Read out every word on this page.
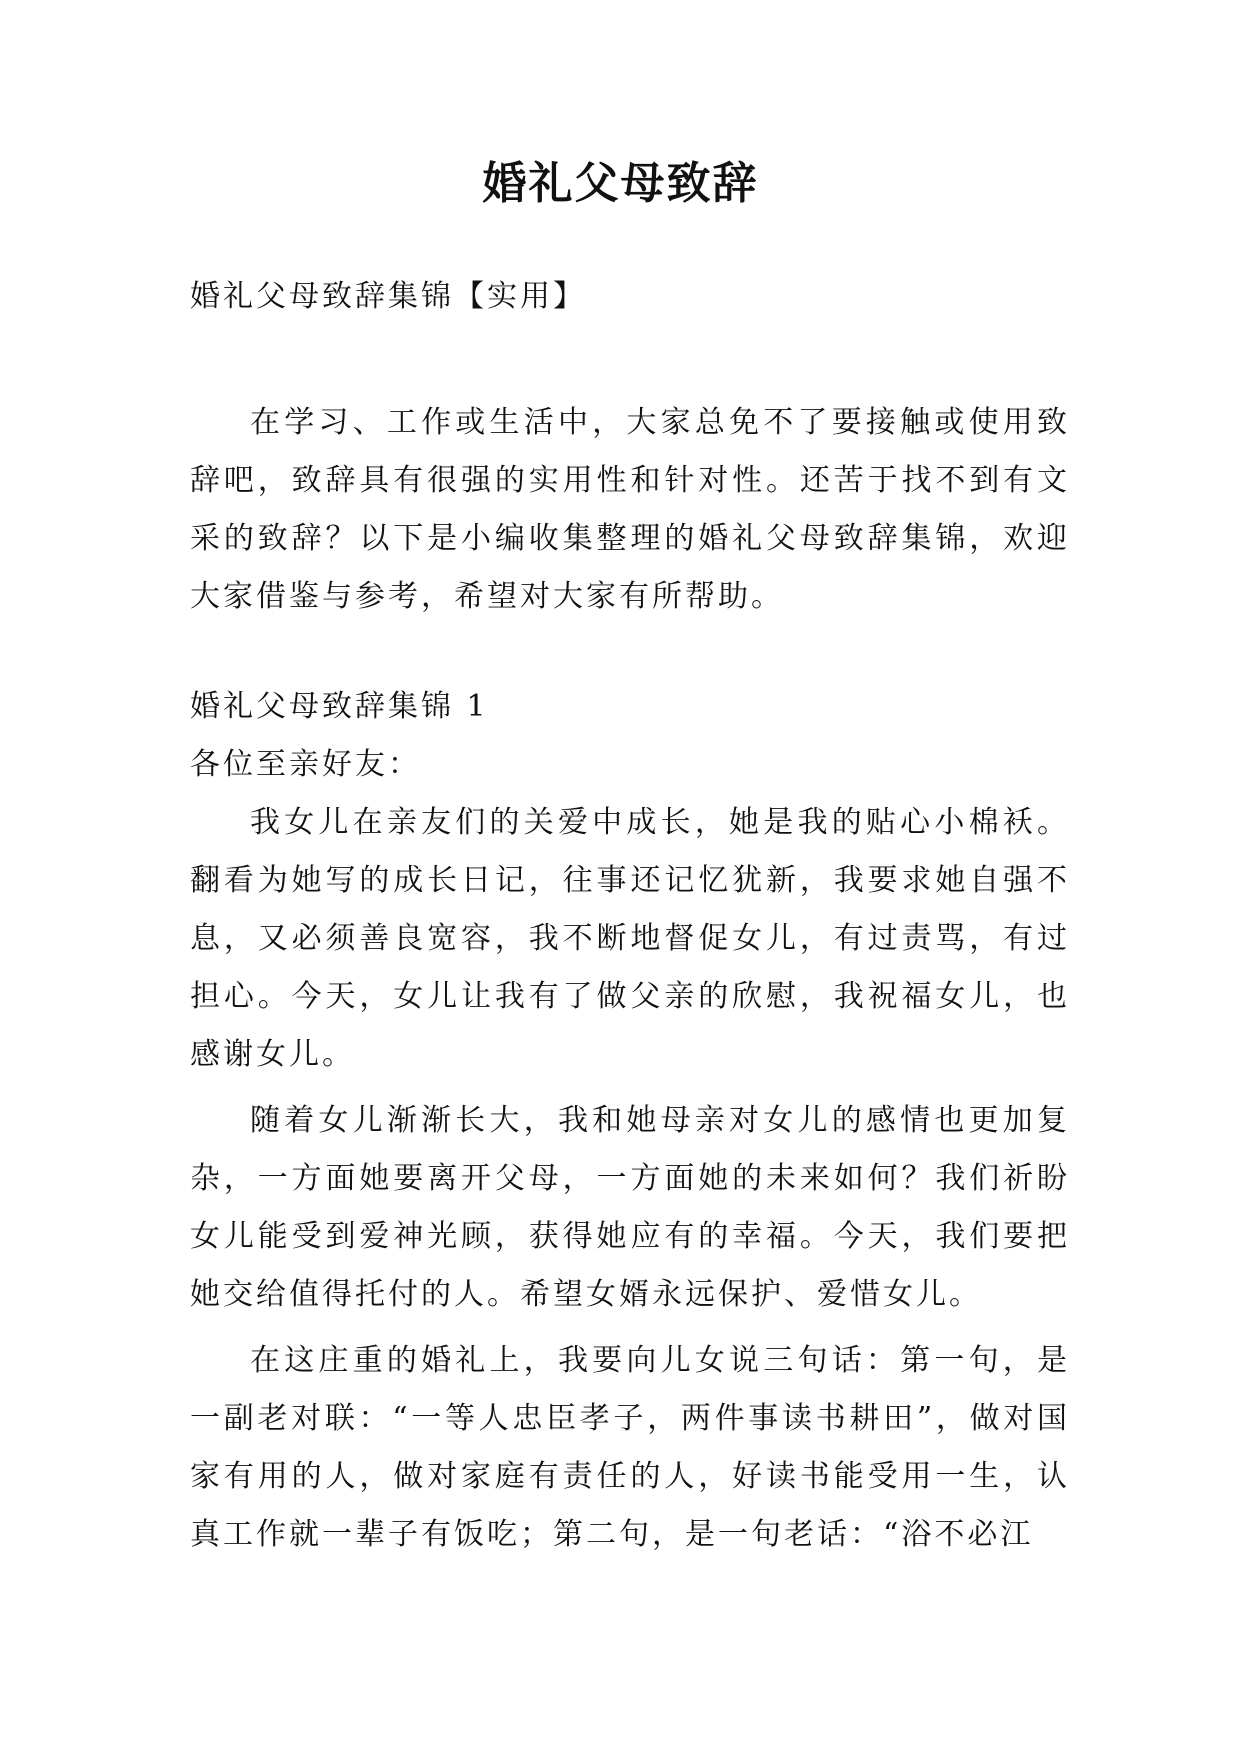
婚礼父母致辞

婚礼父母致辞集锦【实用】

在学习、工作或生活中，大家总免不了要接触或使用致辞吧，致辞具有很强的实用性和针对性。还苦于找不到有文采的致辞？以下是小编收集整理的婚礼父母致辞集锦，欢迎大家借鉴与参考，希望对大家有所帮助。

婚礼父母致辞集锦 1

各位至亲好友：

我女儿在亲友们的关爱中成长，她是我的贴心小棉袄。翻看为她写的成长日记，往事还记忆犹新，我要求她自强不息，又必须善良宽容，我不断地督促女儿，有过责骂，有过担心。今天，女儿让我有了做父亲的欣慰，我祝福女儿，也感谢女儿。

随着女儿渐渐长大，我和她母亲对女儿的感情也更加复杂，一方面她要离开父母，一方面她的未来如何？我们祈盼女儿能受到爱神光顾，获得她应有的幸福。今天，我们要把她交给值得托付的人。希望女婿永远保护、爱惜女儿。

在这庄重的婚礼上，我要向儿女说三句话：第一句，是一副老对联：“一等人忠臣孝子，两件事读书耕田”，做对国家有用的人，做对家庭有责任的人，好读书能受用一生，认真工作就一辈子有饭吃；第二句，是一句老话：“浴不必江
